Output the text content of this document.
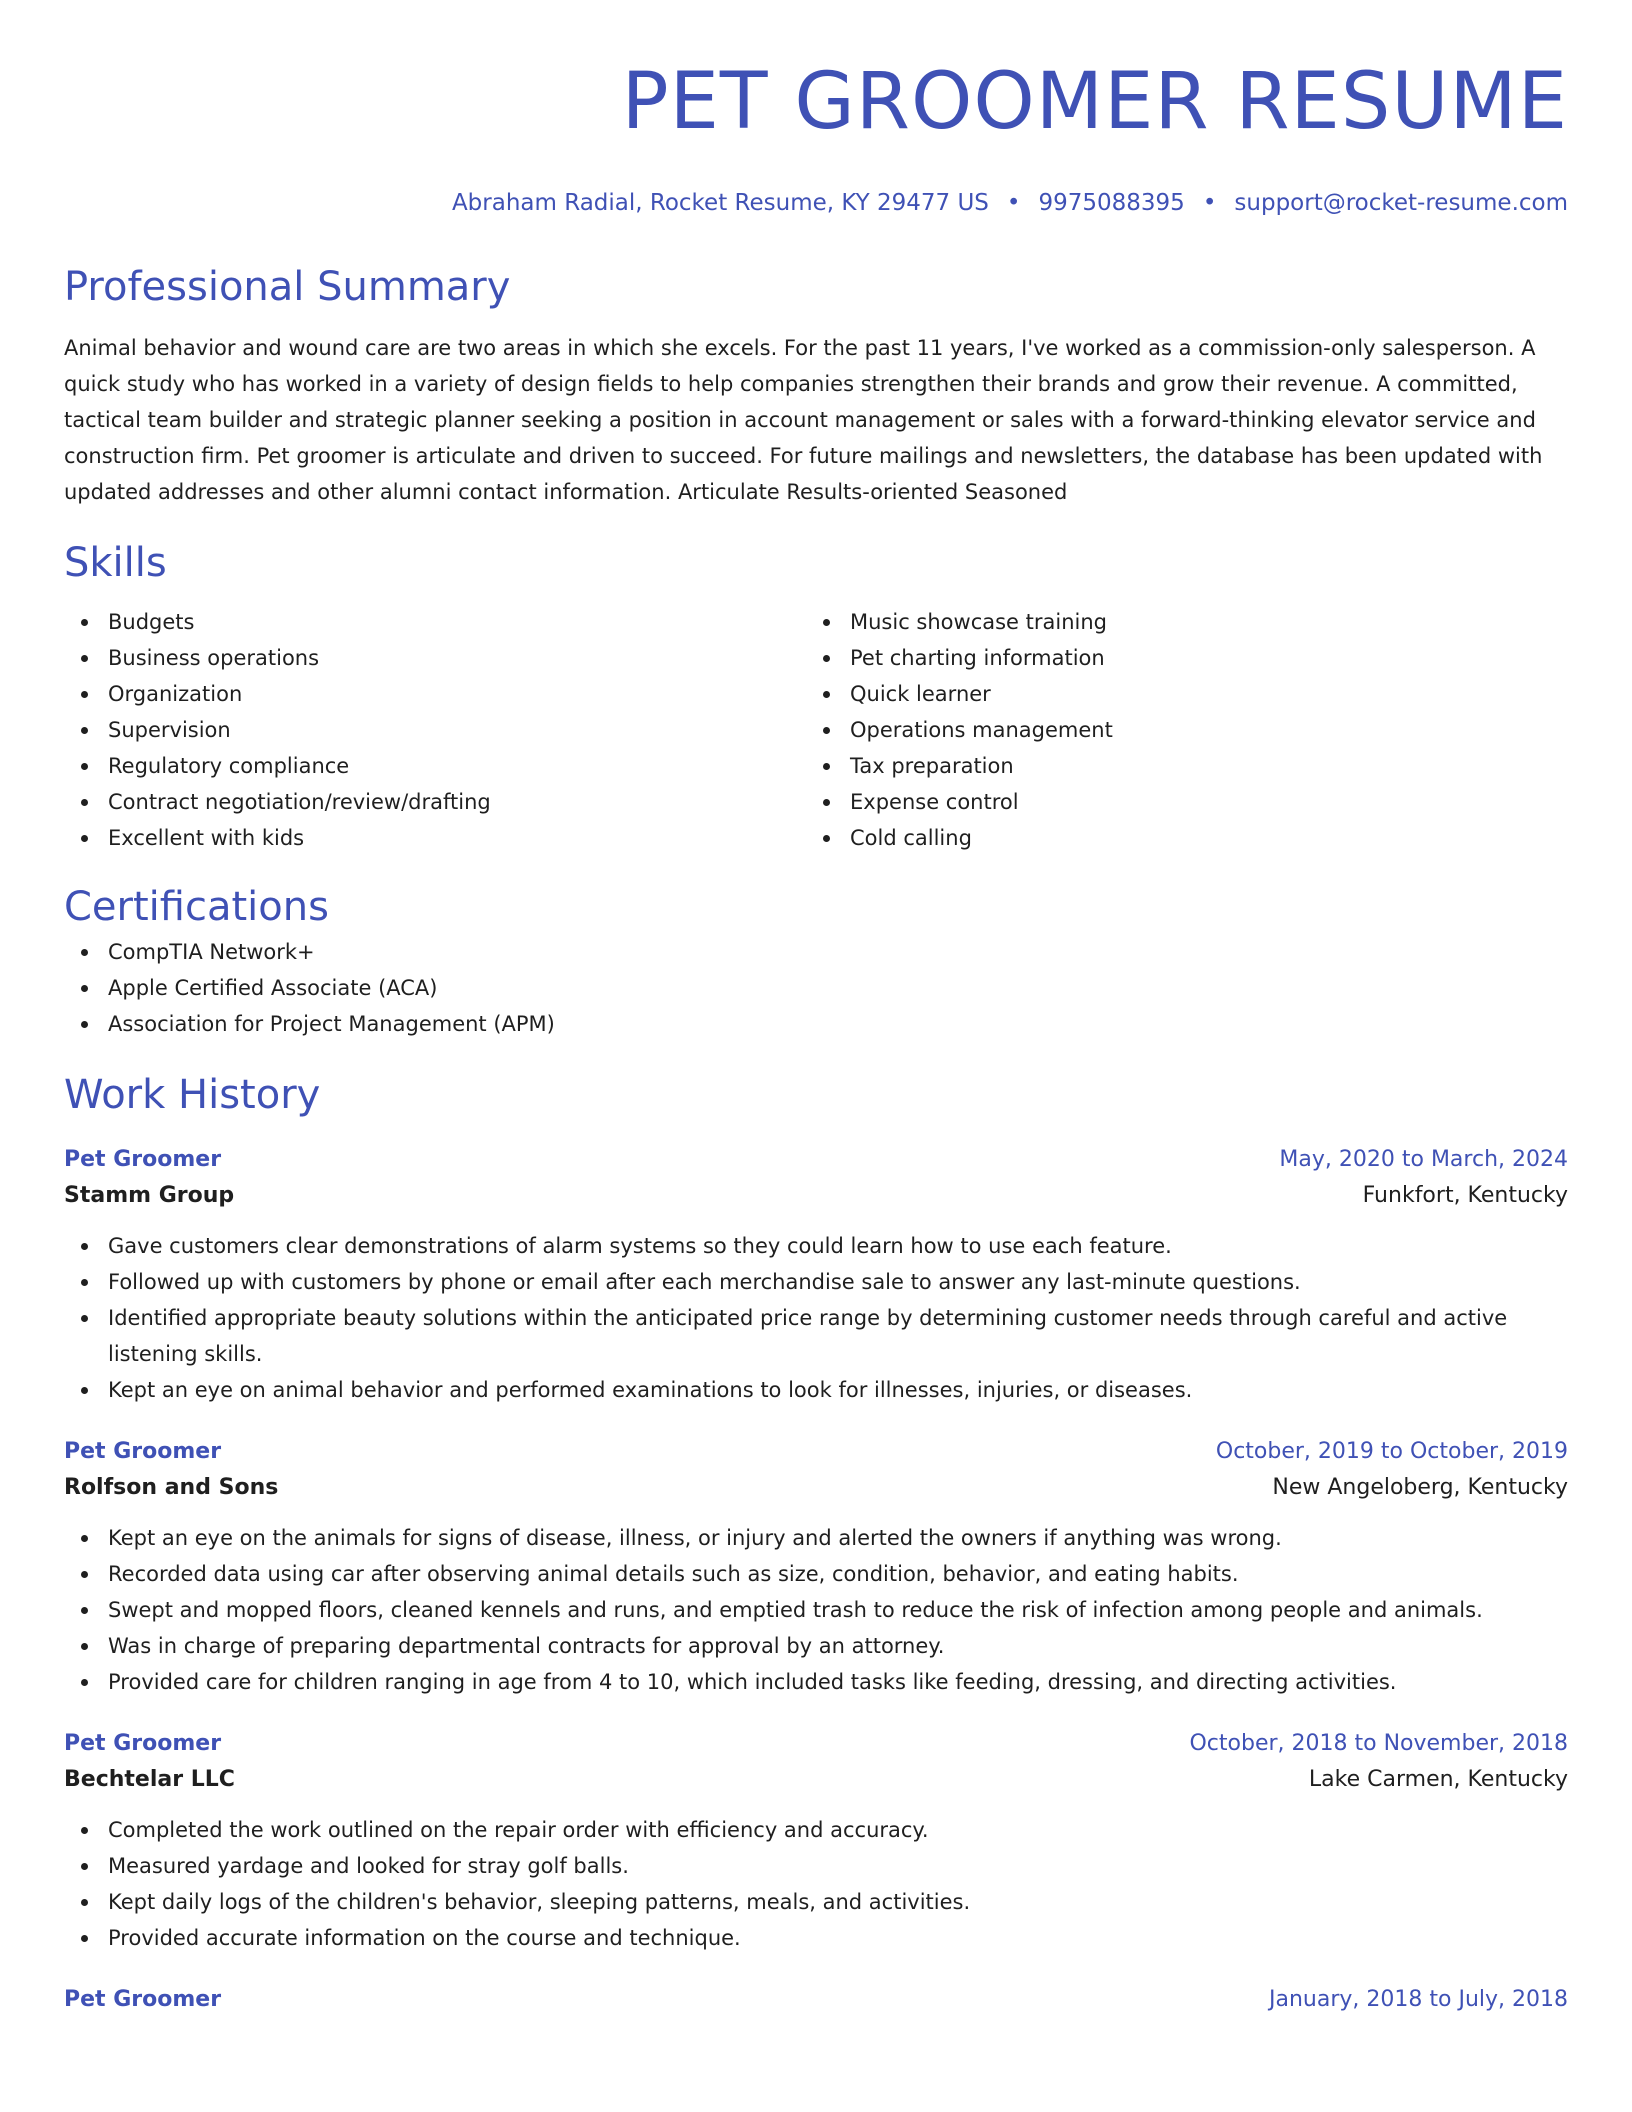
PET GROOMER RESUME
Abraham Radial, Rocket Resume, KY 29477 US • 9975088395 • support@rocket-resume.com
Professional Summary

Animal behavior and wound care are two areas in which she excels. For the past 11 years, I've worked as a commission-only salesperson. A quick study who has worked in a variety of design fields to help companies strengthen their brands and grow their revenue. A committed, tactical team builder and strategic planner seeking a position in account management or sales with a forward-thinking elevator service and construction firm. Pet groomer is articulate and driven to succeed. For future mailings and newsletters, the database has been updated with updated addresses and other alumni contact information. Articulate Results-oriented Seasoned

Skills
Budgets
Business operations
Organization
Supervision
Regulatory compliance
Contract negotiation/review/drafting
Excellent with kids
Music showcase training
Pet charting information
Quick learner
Operations management
Tax preparation
Expense control
Cold calling
Certifications
CompTIA Network+
Apple Certified Associate (ACA)
Association for Project Management (APM)
Work History
Pet Groomer	May, 2020 to March, 2024
Stamm Group	Funkfort, Kentucky
Gave customers clear demonstrations of alarm systems so they could learn how to use each feature.
Followed up with customers by phone or email after each merchandise sale to answer any last-minute questions.
Identified appropriate beauty solutions within the anticipated price range by determining customer needs through careful and active listening skills.
Kept an eye on animal behavior and performed examinations to look for illnesses, injuries, or diseases.
Pet Groomer	October, 2019 to October, 2019
Rolfson and Sons	New Angeloberg, Kentucky
Kept an eye on the animals for signs of disease, illness, or injury and alerted the owners if anything was wrong.
Recorded data using car after observing animal details such as size, condition, behavior, and eating habits.
Swept and mopped floors, cleaned kennels and runs, and emptied trash to reduce the risk of infection among people and animals.
Was in charge of preparing departmental contracts for approval by an attorney.
Provided care for children ranging in age from 4 to 10, which included tasks like feeding, dressing, and directing activities.
Pet Groomer	October, 2018 to November, 2018
Bechtelar LLC	Lake Carmen, Kentucky
Completed the work outlined on the repair order with efficiency and accuracy.
Measured yardage and looked for stray golf balls.
Kept daily logs of the children's behavior, sleeping patterns, meals, and activities.
Provided accurate information on the course and technique.
Pet Groomer	January, 2018 to July, 2018
